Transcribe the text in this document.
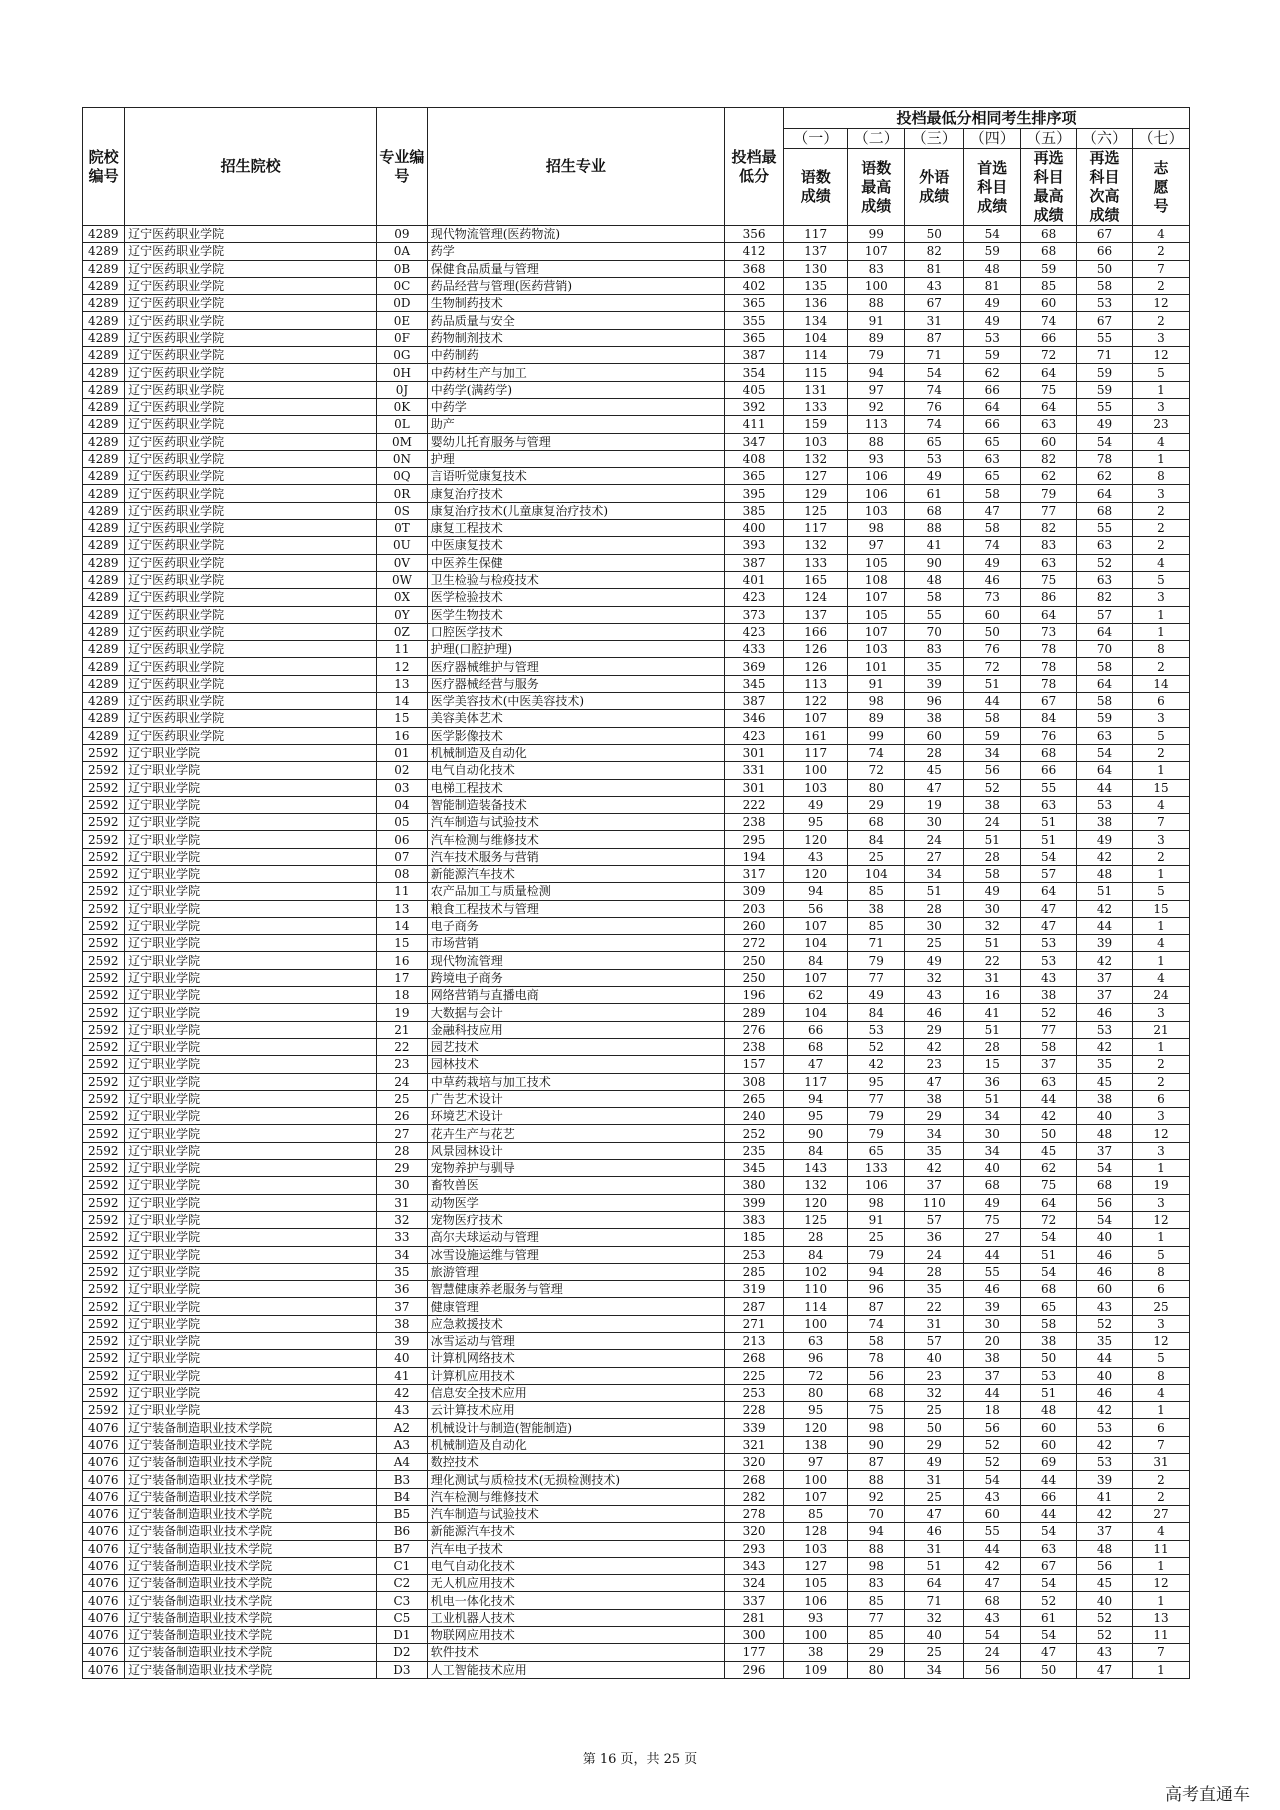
院校编号	招生院校	专业编号	招生专业	投档最低分	投档最低分相同考生排序项						
					（一）	（二）	（三）	（四）	（五）	（六）	（七）
					语数成绩	语数最高成绩	外语成绩	首选科目成绩	再选科目最高成绩	再选科目次高成绩	志愿号
4289	辽宁医药职业学院	09	现代物流管理(医药物流)	356	117	99	50	54	68	67	4
4289	辽宁医药职业学院	0A	药学	412	137	107	82	59	68	66	2
4289	辽宁医药职业学院	0B	保健食品质量与管理	368	130	83	81	48	59	50	7
4289	辽宁医药职业学院	0C	药品经营与管理(医药营销)	402	135	100	43	81	85	58	2
4289	辽宁医药职业学院	0D	生物制药技术	365	136	88	67	49	60	53	12
4289	辽宁医药职业学院	0E	药品质量与安全	355	134	91	31	49	74	67	2
4289	辽宁医药职业学院	0F	药物制剂技术	365	104	89	87	53	66	55	3
4289	辽宁医药职业学院	0G	中药制药	387	114	79	71	59	72	71	12
4289	辽宁医药职业学院	0H	中药材生产与加工	354	115	94	54	62	64	59	5
4289	辽宁医药职业学院	0J	中药学(满药学)	405	131	97	74	66	75	59	1
4289	辽宁医药职业学院	0K	中药学	392	133	92	76	64	64	55	3
4289	辽宁医药职业学院	0L	助产	411	159	113	74	66	63	49	23
4289	辽宁医药职业学院	0M	婴幼儿托育服务与管理	347	103	88	65	65	60	54	4
4289	辽宁医药职业学院	0N	护理	408	132	93	53	63	82	78	1
4289	辽宁医药职业学院	0Q	言语听觉康复技术	365	127	106	49	65	62	62	8
4289	辽宁医药职业学院	0R	康复治疗技术	395	129	106	61	58	79	64	3
4289	辽宁医药职业学院	0S	康复治疗技术(儿童康复治疗技术)	385	125	103	68	47	77	68	2
4289	辽宁医药职业学院	0T	康复工程技术	400	117	98	88	58	82	55	2
4289	辽宁医药职业学院	0U	中医康复技术	393	132	97	41	74	83	63	2
4289	辽宁医药职业学院	0V	中医养生保健	387	133	105	90	49	63	52	4
4289	辽宁医药职业学院	0W	卫生检验与检疫技术	401	165	108	48	46	75	63	5
4289	辽宁医药职业学院	0X	医学检验技术	423	124	107	58	73	86	82	3
4289	辽宁医药职业学院	0Y	医学生物技术	373	137	105	55	60	64	57	1
4289	辽宁医药职业学院	0Z	口腔医学技术	423	166	107	70	50	73	64	1
4289	辽宁医药职业学院	11	护理(口腔护理)	433	126	103	83	76	78	70	8
4289	辽宁医药职业学院	12	医疗器械维护与管理	369	126	101	35	72	78	58	2
4289	辽宁医药职业学院	13	医疗器械经营与服务	345	113	91	39	51	78	64	14
4289	辽宁医药职业学院	14	医学美容技术(中医美容技术)	387	122	98	96	44	67	58	6
4289	辽宁医药职业学院	15	美容美体艺术	346	107	89	38	58	84	59	3
4289	辽宁医药职业学院	16	医学影像技术	423	161	99	60	59	76	63	5
2592	辽宁职业学院	01	机械制造及自动化	301	117	74	28	34	68	54	2
2592	辽宁职业学院	02	电气自动化技术	331	100	72	45	56	66	64	1
2592	辽宁职业学院	03	电梯工程技术	301	103	80	47	52	55	44	15
2592	辽宁职业学院	04	智能制造装备技术	222	49	29	19	38	63	53	4
2592	辽宁职业学院	05	汽车制造与试验技术	238	95	68	30	24	51	38	7
2592	辽宁职业学院	06	汽车检测与维修技术	295	120	84	24	51	51	49	3
2592	辽宁职业学院	07	汽车技术服务与营销	194	43	25	27	28	54	42	2
2592	辽宁职业学院	08	新能源汽车技术	317	120	104	34	58	57	48	1
2592	辽宁职业学院	11	农产品加工与质量检测	309	94	85	51	49	64	51	5
2592	辽宁职业学院	13	粮食工程技术与管理	203	56	38	28	30	47	42	15
2592	辽宁职业学院	14	电子商务	260	107	85	30	32	47	44	1
2592	辽宁职业学院	15	市场营销	272	104	71	25	51	53	39	4
2592	辽宁职业学院	16	现代物流管理	250	84	79	49	22	53	42	1
2592	辽宁职业学院	17	跨境电子商务	250	107	77	32	31	43	37	4
2592	辽宁职业学院	18	网络营销与直播电商	196	62	49	43	16	38	37	24
2592	辽宁职业学院	19	大数据与会计	289	104	84	46	41	52	46	3
2592	辽宁职业学院	21	金融科技应用	276	66	53	29	51	77	53	21
2592	辽宁职业学院	22	园艺技术	238	68	52	42	28	58	42	1
2592	辽宁职业学院	23	园林技术	157	47	42	23	15	37	35	2
2592	辽宁职业学院	24	中草药栽培与加工技术	308	117	95	47	36	63	45	2
2592	辽宁职业学院	25	广告艺术设计	265	94	77	38	51	44	38	6
2592	辽宁职业学院	26	环境艺术设计	240	95	79	29	34	42	40	3
2592	辽宁职业学院	27	花卉生产与花艺	252	90	79	34	30	50	48	12
2592	辽宁职业学院	28	风景园林设计	235	84	65	35	34	45	37	3
2592	辽宁职业学院	29	宠物养护与驯导	345	143	133	42	40	62	54	1
2592	辽宁职业学院	30	畜牧兽医	380	132	106	37	68	75	68	19
2592	辽宁职业学院	31	动物医学	399	120	98	110	49	64	56	3
2592	辽宁职业学院	32	宠物医疗技术	383	125	91	57	75	72	54	12
2592	辽宁职业学院	33	高尔夫球运动与管理	185	28	25	36	27	54	40	1
2592	辽宁职业学院	34	冰雪设施运维与管理	253	84	79	24	44	51	46	5
2592	辽宁职业学院	35	旅游管理	285	102	94	28	55	54	46	8
2592	辽宁职业学院	36	智慧健康养老服务与管理	319	110	96	35	46	68	60	6
2592	辽宁职业学院	37	健康管理	287	114	87	22	39	65	43	25
2592	辽宁职业学院	38	应急救援技术	271	100	74	31	30	58	52	3
2592	辽宁职业学院	39	冰雪运动与管理	213	63	58	57	20	38	35	12
2592	辽宁职业学院	40	计算机网络技术	268	96	78	40	38	50	44	5
2592	辽宁职业学院	41	计算机应用技术	225	72	56	23	37	53	40	8
2592	辽宁职业学院	42	信息安全技术应用	253	80	68	32	44	51	46	4
2592	辽宁职业学院	43	云计算技术应用	228	95	75	25	18	48	42	1
4076	辽宁装备制造职业技术学院	A2	机械设计与制造(智能制造)	339	120	98	50	56	60	53	6
4076	辽宁装备制造职业技术学院	A3	机械制造及自动化	321	138	90	29	52	60	42	7
4076	辽宁装备制造职业技术学院	A4	数控技术	320	97	87	49	52	69	53	31
4076	辽宁装备制造职业技术学院	B3	理化测试与质检技术(无损检测技术)	268	100	88	31	54	44	39	2
4076	辽宁装备制造职业技术学院	B4	汽车检测与维修技术	282	107	92	25	43	66	41	2
4076	辽宁装备制造职业技术学院	B5	汽车制造与试验技术	278	85	70	47	60	44	42	27
4076	辽宁装备制造职业技术学院	B6	新能源汽车技术	320	128	94	46	55	54	37	4
4076	辽宁装备制造职业技术学院	B7	汽车电子技术	293	103	88	31	44	63	48	11
4076	辽宁装备制造职业技术学院	C1	电气自动化技术	343	127	98	51	42	67	56	1
4076	辽宁装备制造职业技术学院	C2	无人机应用技术	324	105	83	64	47	54	45	12
4076	辽宁装备制造职业技术学院	C3	机电一体化技术	337	106	85	71	68	52	40	1
4076	辽宁装备制造职业技术学院	C5	工业机器人技术	281	93	77	32	43	61	52	13
4076	辽宁装备制造职业技术学院	D1	物联网应用技术	300	100	85	40	54	54	52	11
4076	辽宁装备制造职业技术学院	D2	软件技术	177	38	29	25	24	47	43	7
4076	辽宁装备制造职业技术学院	D3	人工智能技术应用	296	109	80	34	56	50	47	1
第 16 页，共 25 页
高考直通车
